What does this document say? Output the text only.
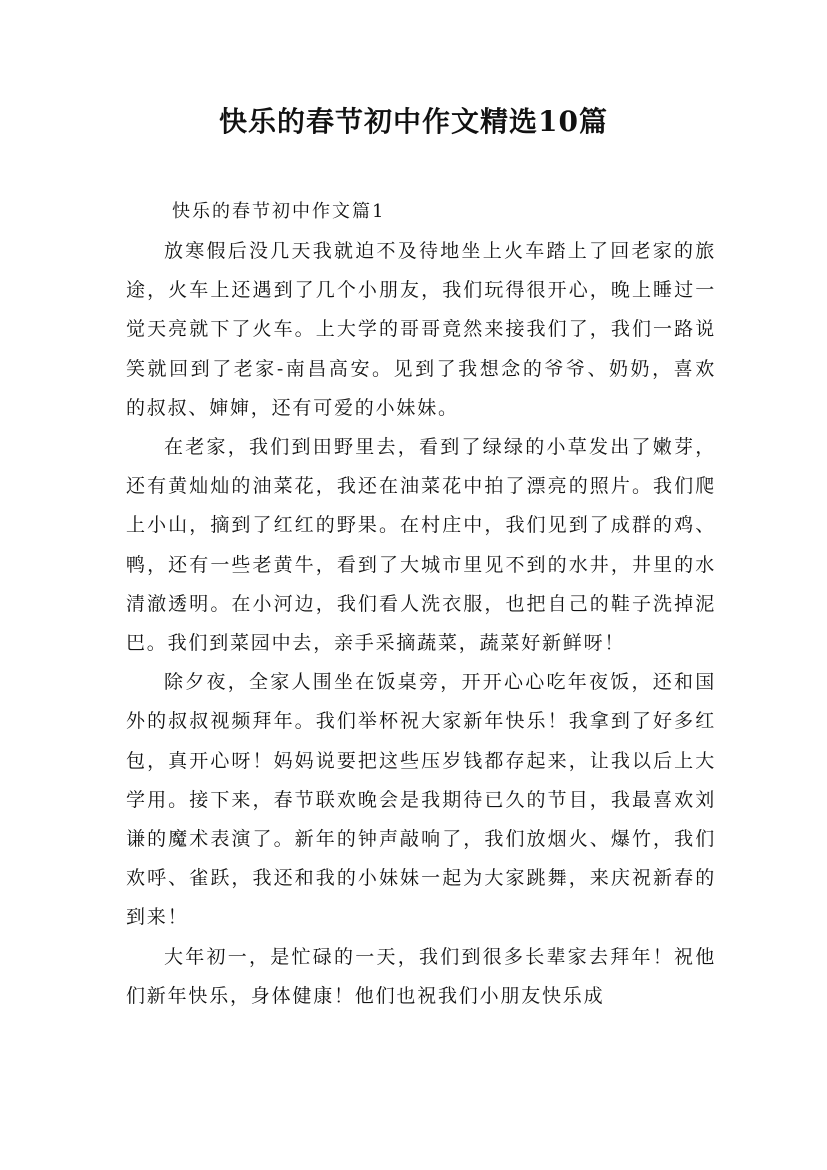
快乐的春节初中作文精选10篇
快乐的春节初中作文篇1

放寒假后没几天我就迫不及待地坐上火车踏上了回老家的旅途，火车上还遇到了几个小朋友，我们玩得很开心，晚上睡过一觉天亮就下了火车。上大学的哥哥竟然来接我们了，我们一路说笑就回到了老家-南昌高安。见到了我想念的爷爷、奶奶，喜欢的叔叔、婶婶，还有可爱的小妹妹。

在老家，我们到田野里去，看到了绿绿的小草发出了嫩芽，还有黄灿灿的油菜花，我还在油菜花中拍了漂亮的照片。我们爬上小山，摘到了红红的野果。在村庄中，我们见到了成群的鸡、鸭，还有一些老黄牛，看到了大城市里见不到的水井，井里的水清澈透明。在小河边，我们看人洗衣服，也把自己的鞋子洗掉泥巴。我们到菜园中去，亲手采摘蔬菜，蔬菜好新鲜呀！

除夕夜，全家人围坐在饭桌旁，开开心心吃年夜饭，还和国外的叔叔视频拜年。我们举杯祝大家新年快乐！我拿到了好多红包，真开心呀！妈妈说要把这些压岁钱都存起来，让我以后上大学用。接下来，春节联欢晚会是我期待已久的节目，我最喜欢刘谦的魔术表演了。新年的钟声敲响了，我们放烟火、爆竹，我们欢呼、雀跃，我还和我的小妹妹一起为大家跳舞，来庆祝新春的到来！

大年初一，是忙碌的一天，我们到很多长辈家去拜年！祝他们新年快乐，身体健康！他们也祝我们小朋友快乐成
